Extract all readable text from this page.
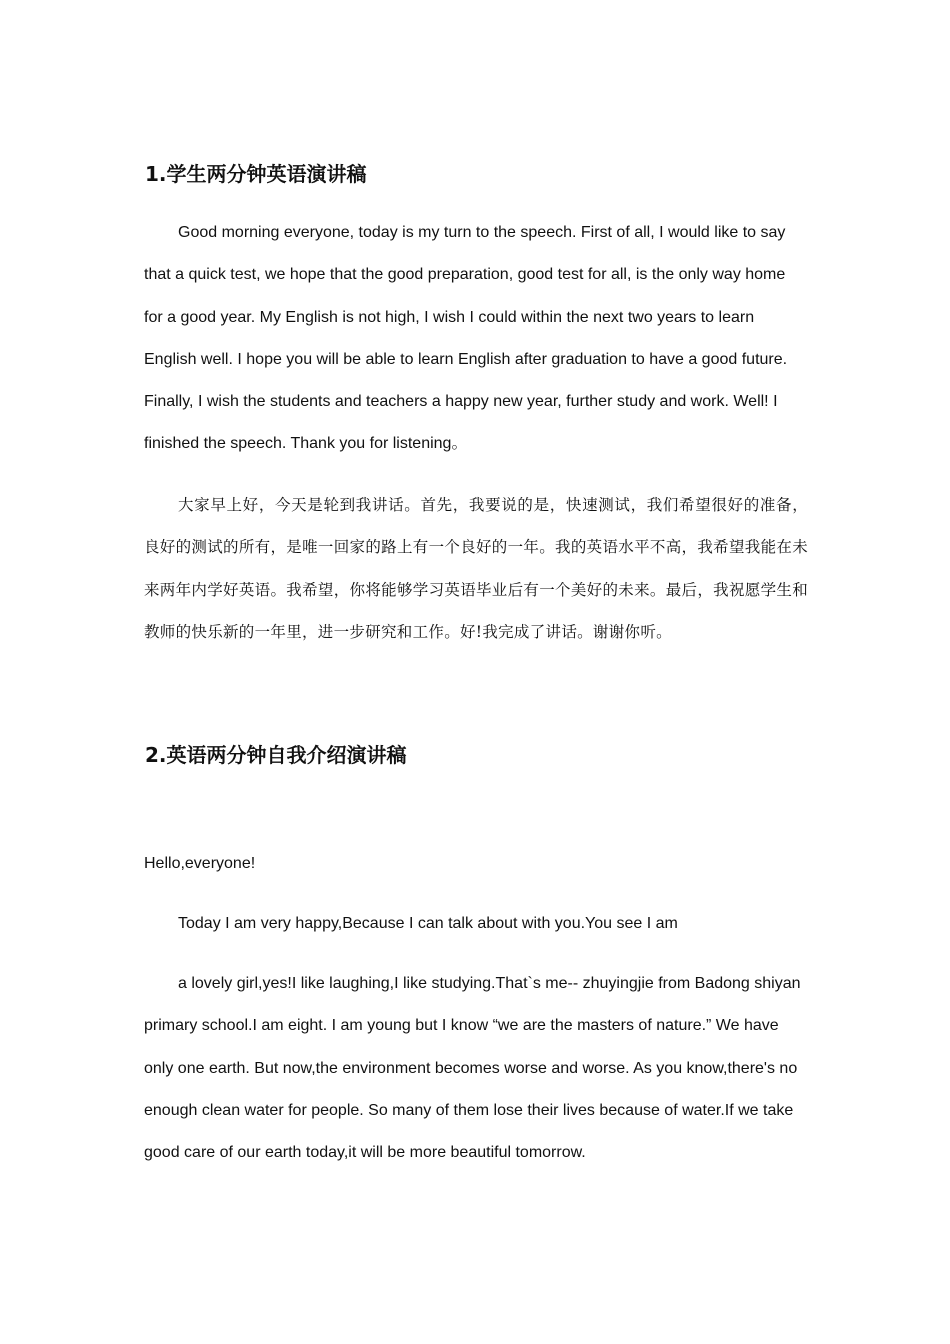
1.学生两分钟英语演讲稿

Good morning everyone, today is my turn to the speech. First of all, I would like to say that a quick test, we hope that the good preparation, good test for all, is the only way home for a good year. My English is not high, I wish I could within the next two years to learn English well. I hope you will be able to learn English after graduation to have a good future. Finally, I wish the students and teachers a happy new year, further study and work. Well! I finished the speech. Thank you for listening。

大家早上好，今天是轮到我讲话。首先，我要说的是，快速测试，我们希望很好的准备，良好的测试的所有，是唯一回家的路上有一个良好的一年。我的英语水平不高，我希望我能在未来两年内学好英语。我希望，你将能够学习英语毕业后有一个美好的未来。最后，我祝愿学生和教师的快乐新的一年里，进一步研究和工作。好!我完成了讲话。谢谢你听。

2.英语两分钟自我介绍演讲稿

Hello,everyone!

Today I am very happy,Because I can talk about with you.You see I am

a lovely girl,yes!I like laughing,I like studying.That`s me-- zhuyingjie from Badong shiyan primary school.I am eight. I am young but I know “we are the masters of nature.” We have only one earth. But now,the environment becomes worse and worse. As you know,there's no enough clean water for people. So many of them lose their lives because of water.If we take good care of our earth today,it will be more beautiful tomorrow.
